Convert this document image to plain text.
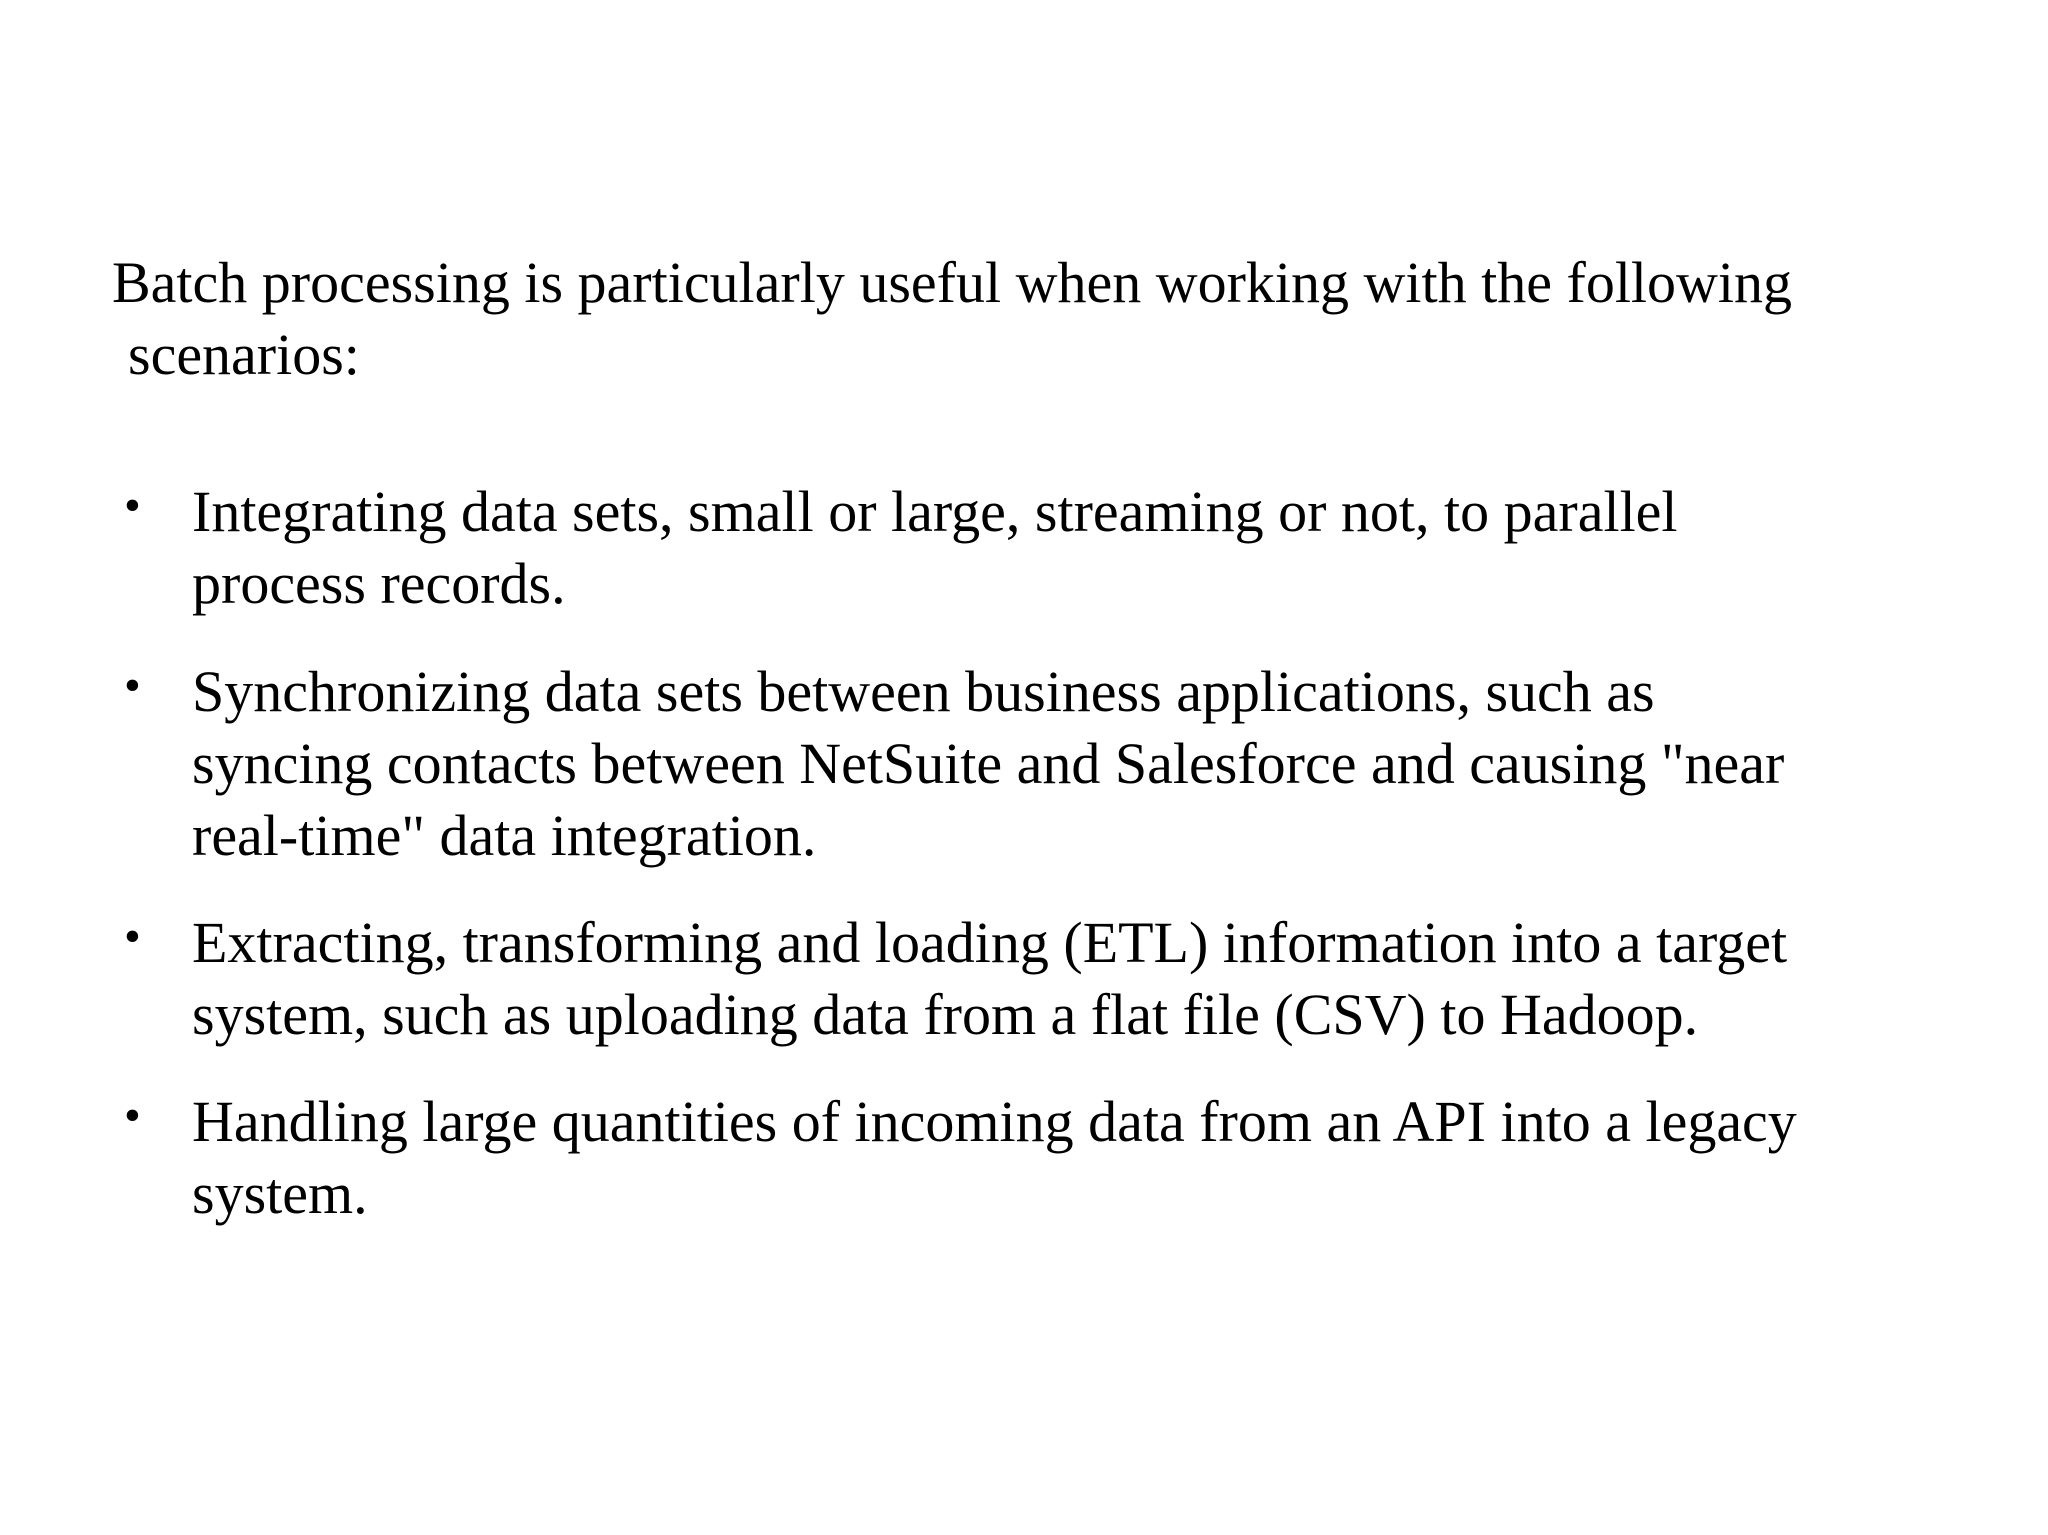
Batch processing is particularly useful when working with the following
scenarios:

• Integrating data sets, small or large, streaming or not, to parallel
process records.
• Synchronizing data sets between business applications, such as
syncing contacts between NetSuite and Salesforce and causing "near
real-time" data integration.
• Extracting, transforming and loading (ETL) information into a target
system, such as uploading data from a flat file (CSV) to Hadoop.
• Handling large quantities of incoming data from an API into a legacy
system.
